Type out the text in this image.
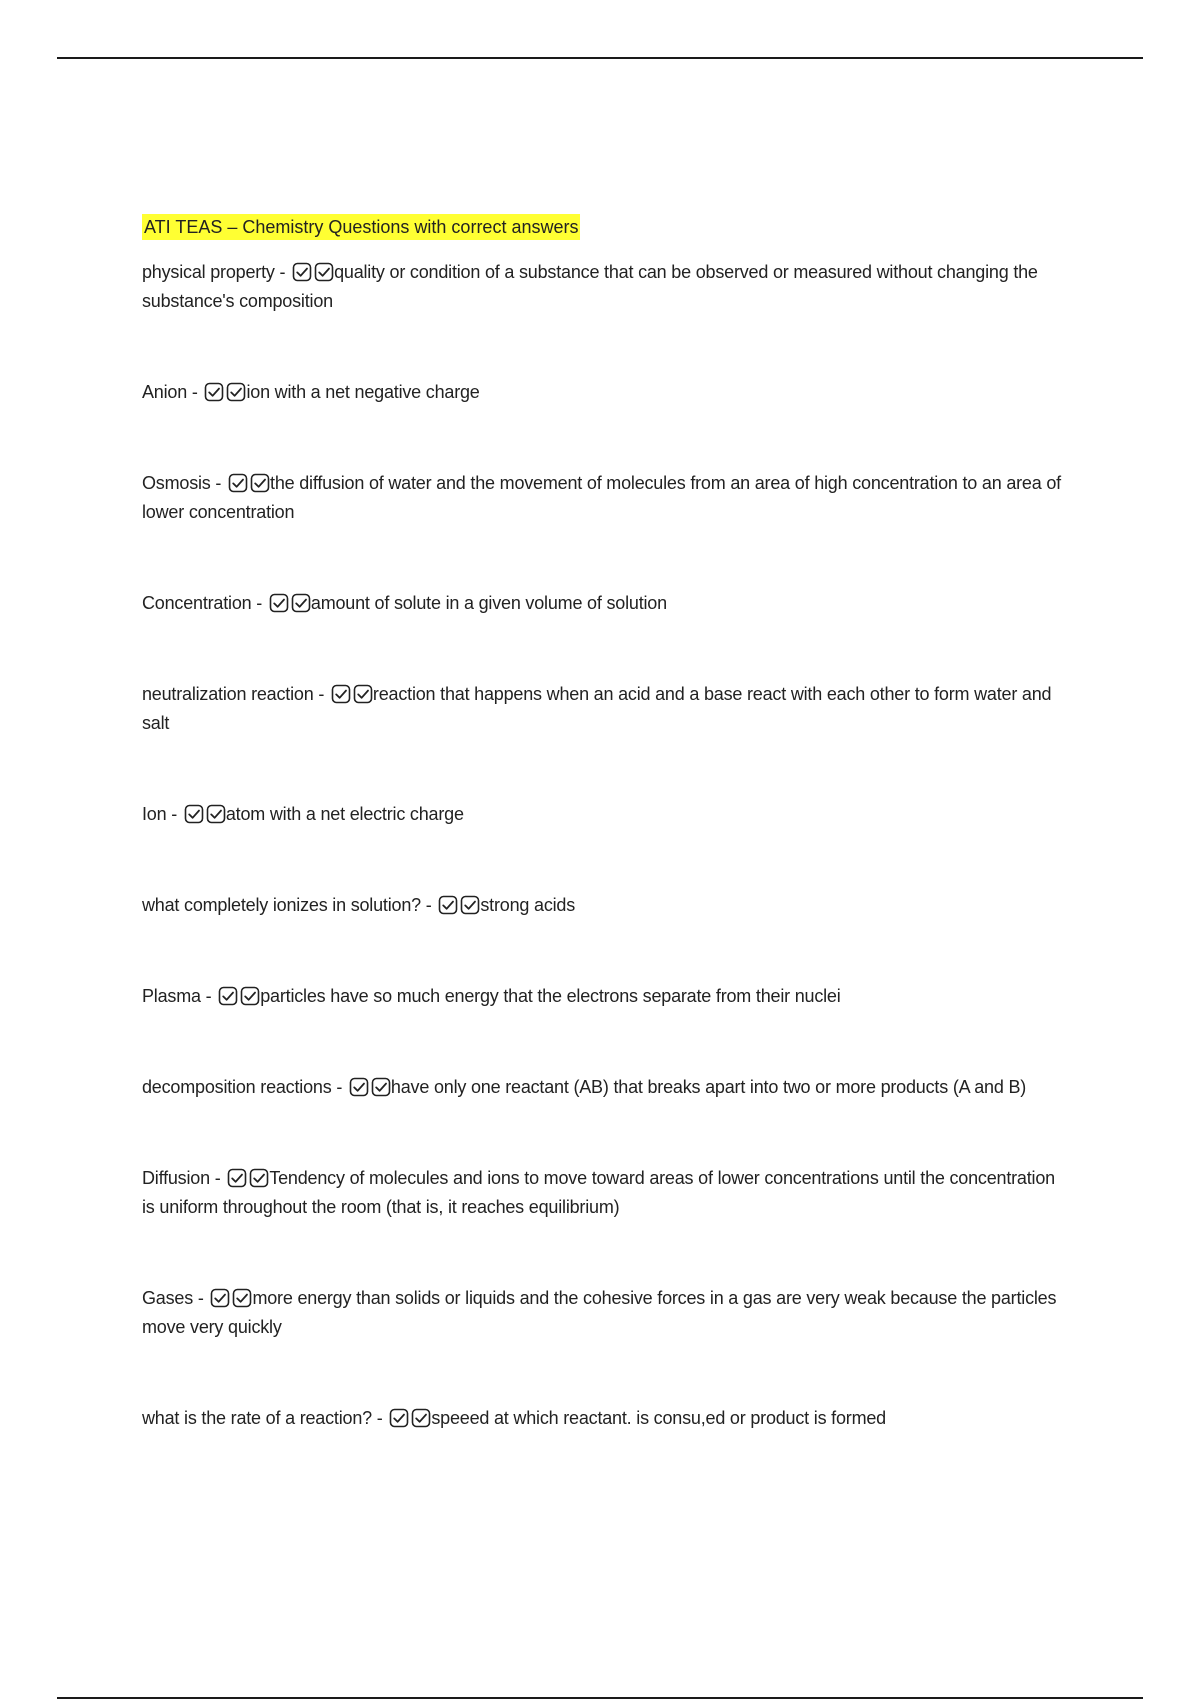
ATI TEAS – Chemistry Questions with correct answers

physical property -
quality or condition of a substance that can be observed or measured without changing the substance's composition

Anion -
ion with a net negative charge

Osmosis -
the diffusion of water and the movement of molecules from an area of high concentration to an area of lower concentration

Concentration -
amount of solute in a given volume of solution

neutralization reaction -
reaction that happens when an acid and a base react with each other to form water and salt

Ion -
atom with a net electric charge

what completely ionizes in solution? -
strong acids

Plasma -
particles have so much energy that the electrons separate from their nuclei

decomposition reactions -
have only one reactant (AB) that breaks apart into two or more products (A and B)

Diffusion -
Tendency of molecules and ions to move toward areas of lower concentrations until the concentration is uniform throughout the room (that is, it reaches equilibrium)

Gases -
more energy than solids or liquids and the cohesive forces in a gas are very weak because the particles move very quickly

what is the rate of a reaction? -
speeed at which reactant. is consu,ed or product is formed
